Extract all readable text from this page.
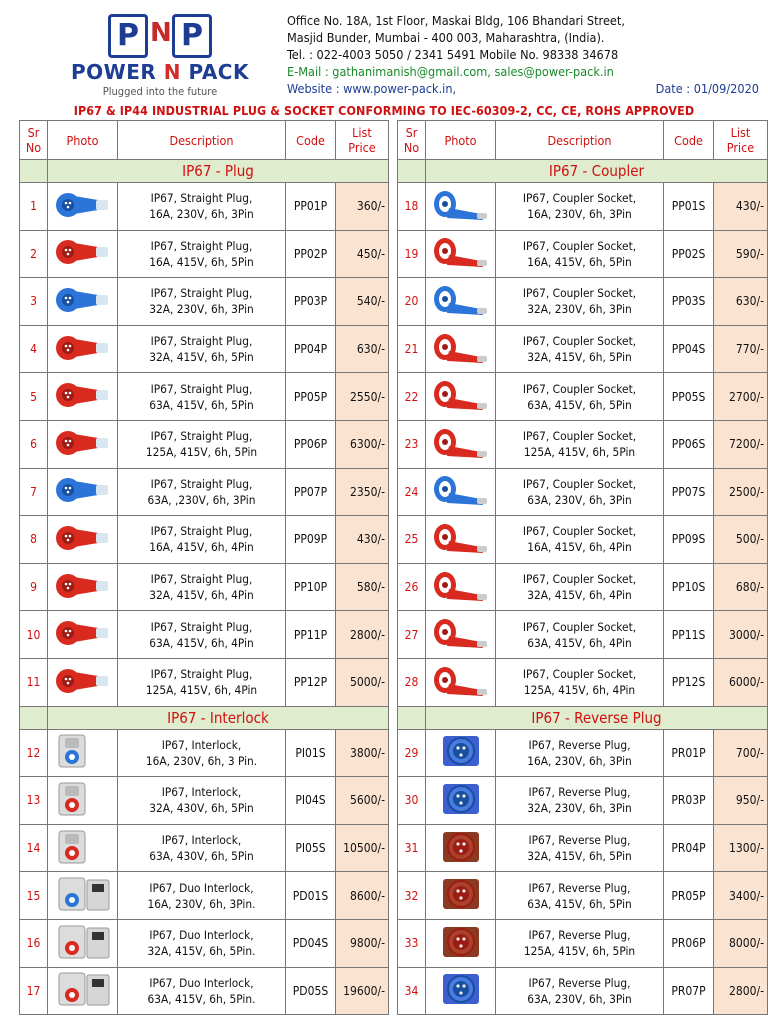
P N P
POWER N PACK
Plugged into the future
Office No. 18A, 1st Floor, Maskai Bldg, 106 Bhandari Street,
Masjid Bunder, Mumbai - 400 003, Maharashtra, (India).
Tel. : 022-4003 5050 / 2341 5491 Mobile No. 98338 34678
E-Mail : gathanimanish@gmail.com, sales@power-pack.in
Website : www.power-pack.in,	Date : 01/09/2020
IP67 & IP44 INDUSTRIAL PLUG & SOCKET CONFORMING TO IEC-60309-2, CC, CE, ROHS APPROVED
Sr
No	Photo	Description	Code	List
Price
	IP67 - Plug			
1		IP67, Straight Plug,
16A, 230V, 6h, 3Pin	PP01P	360/-
2		IP67, Straight Plug,
16A, 415V, 6h, 5Pin	PP02P	450/-
3		IP67, Straight Plug,
32A, 230V, 6h, 3Pin	PP03P	540/-
4		IP67, Straight Plug,
32A, 415V, 6h, 5Pin	PP04P	630/-
5		IP67, Straight Plug,
63A, 415V, 6h, 5Pin	PP05P	2550/-
6		IP67, Straight Plug,
125A, 415V, 6h, 5Pin	PP06P	6300/-
7		IP67, Straight Plug,
63A, ,230V, 6h, 3Pin	PP07P	2350/-
8		IP67, Straight Plug,
16A, 415V, 6h, 4Pin	PP09P	430/-
9		IP67, Straight Plug,
32A, 415V, 6h, 4Pin	PP10P	580/-
10		IP67, Straight Plug,
63A, 415V, 6h, 4Pin	PP11P	2800/-
11		IP67, Straight Plug,
125A, 415V, 6h, 4Pin	PP12P	5000/-
	IP67 - Interlock			
12		IP67, Interlock,
16A, 230V, 6h, 3 Pin.	PI01S	3800/-
13		IP67, Interlock,
32A, 430V, 6h, 5Pin	PI04S	5600/-
14		IP67, Interlock,
63A, 430V, 6h, 5Pin	PI05S	10500/-
15		IP67, Duo Interlock,
16A, 230V, 6h, 3Pin.	PD01S	8600/-
16		IP67, Duo Interlock,
32A, 415V, 6h, 5Pin.	PD04S	9800/-
17		IP67, Duo Interlock,
63A, 415V, 6h, 5Pin.	PD05S	19600/-
Sr
No	Photo	Description	Code	List
Price
	IP67 - Coupler			
18		IP67, Coupler Socket,
16A, 230V, 6h, 3Pin	PP01S	430/-
19		IP67, Coupler Socket,
16A, 415V, 6h, 5Pin	PP02S	590/-
20		IP67, Coupler Socket,
32A, 230V, 6h, 3Pin	PP03S	630/-
21		IP67, Coupler Socket,
32A, 415V, 6h, 5Pin	PP04S	770/-
22		IP67, Coupler Socket,
63A, 415V, 6h, 5Pin	PP05S	2700/-
23		IP67, Coupler Socket,
125A, 415V, 6h, 5Pin	PP06S	7200/-
24		IP67, Coupler Socket,
63A, 230V, 6h, 3Pin	PP07S	2500/-
25		IP67, Coupler Socket,
16A, 415V, 6h, 4Pin	PP09S	500/-
26		IP67, Coupler Socket,
32A, 415V, 6h, 4Pin	PP10S	680/-
27		IP67, Coupler Socket,
63A, 415V, 6h, 4Pin	PP11S	3000/-
28		IP67, Coupler Socket,
125A, 415V, 6h, 4Pin	PP12S	6000/-
	IP67 - Reverse Plug			
29		IP67, Reverse Plug,
16A, 230V, 6h, 3Pin	PR01P	700/-
30		IP67, Reverse Plug,
32A, 230V, 6h, 3Pin	PR03P	950/-
31		IP67, Reverse Plug,
32A, 415V, 6h, 5Pin	PR04P	1300/-
32		IP67, Reverse Plug,
63A, 415V, 6h, 5Pin	PR05P	3400/-
33		IP67, Reverse Plug,
125A, 415V, 6h, 5Pin	PR06P	8000/-
34		IP67, Reverse Plug,
63A, 230V, 6h, 3Pin	PR07P	2800/-
